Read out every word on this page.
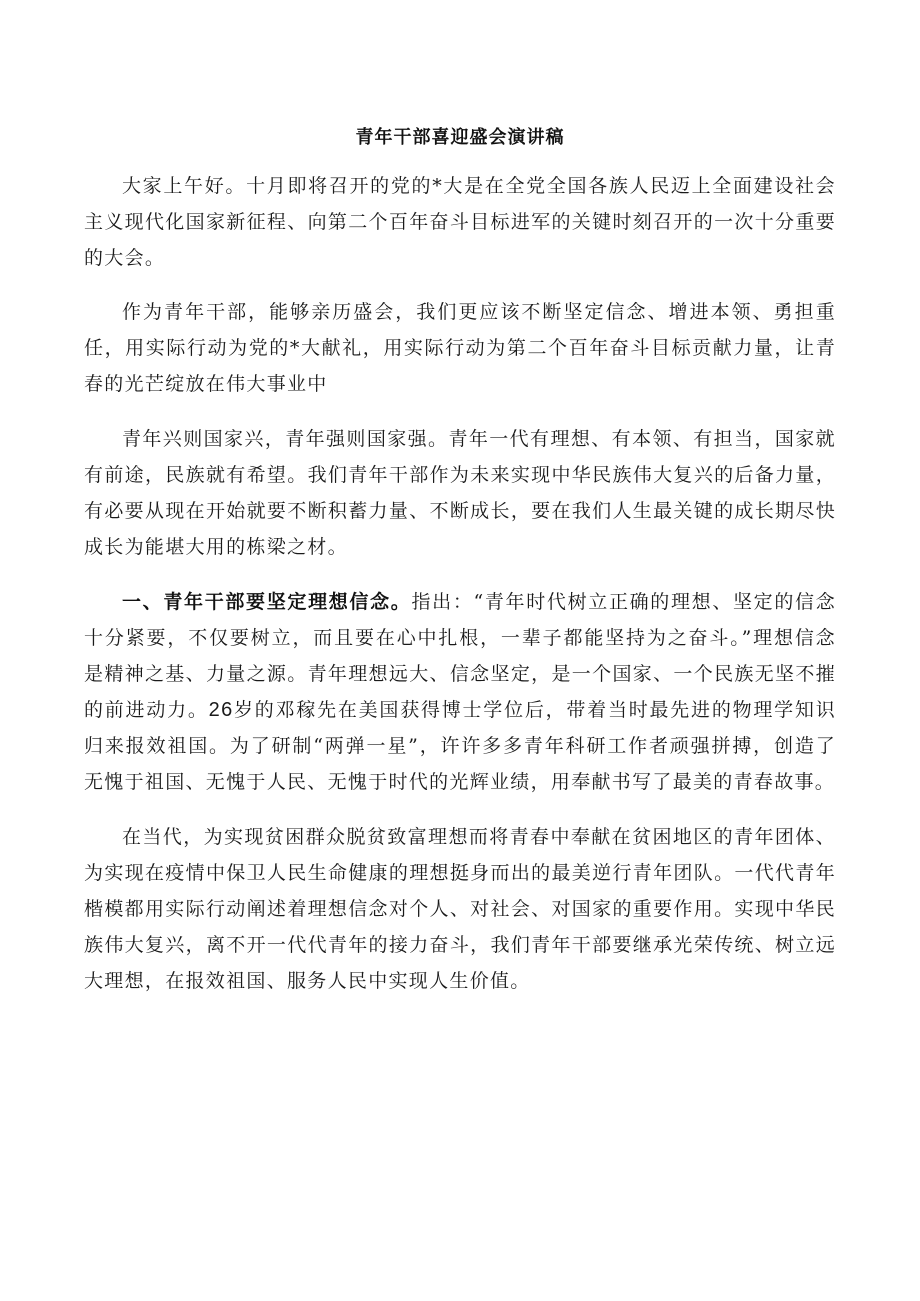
青年干部喜迎盛会演讲稿

大家上午好。十月即将召开的党的*大是在全党全国各族人民迈上全面建设社会主义现代化国家新征程、向第二个百年奋斗目标进军的关键时刻召开的一次十分重要的大会。

作为青年干部，能够亲历盛会，我们更应该不断坚定信念、增进本领、勇担重任，用实际行动为党的*大献礼，用实际行动为第二个百年奋斗目标贡献力量，让青春的光芒绽放在伟大事业中

青年兴则国家兴，青年强则国家强。青年一代有理想、有本领、有担当，国家就有前途，民族就有希望。我们青年干部作为未来实现中华民族伟大复兴的后备力量，有必要从现在开始就要不断积蓄力量、不断成长，要在我们人生最关键的成长期尽快成长为能堪大用的栋梁之材。

一、青年干部要坚定理想信念。指出：“青年时代树立正确的理想、坚定的信念十分紧要，不仅要树立，而且要在心中扎根，一辈子都能坚持为之奋斗。”理想信念是精神之基、力量之源。青年理想远大、信念坚定，是一个国家、一个民族无坚不摧的前进动力。26岁的邓稼先在美国获得博士学位后，带着当时最先进的物理学知识归来报效祖国。为了研制“两弹一星”，许许多多青年科研工作者顽强拼搏，创造了无愧于祖国、无愧于人民、无愧于时代的光辉业绩，用奉献书写了最美的青春故事。

在当代，为实现贫困群众脱贫致富理想而将青春中奉献在贫困地区的青年团体、为实现在疫情中保卫人民生命健康的理想挺身而出的最美逆行青年团队。一代代青年楷模都用实际行动阐述着理想信念对个人、对社会、对国家的重要作用。实现中华民族伟大复兴，离不开一代代青年的接力奋斗，我们青年干部要继承光荣传统、树立远大理想，在报效祖国、服务人民中实现人生价值。
